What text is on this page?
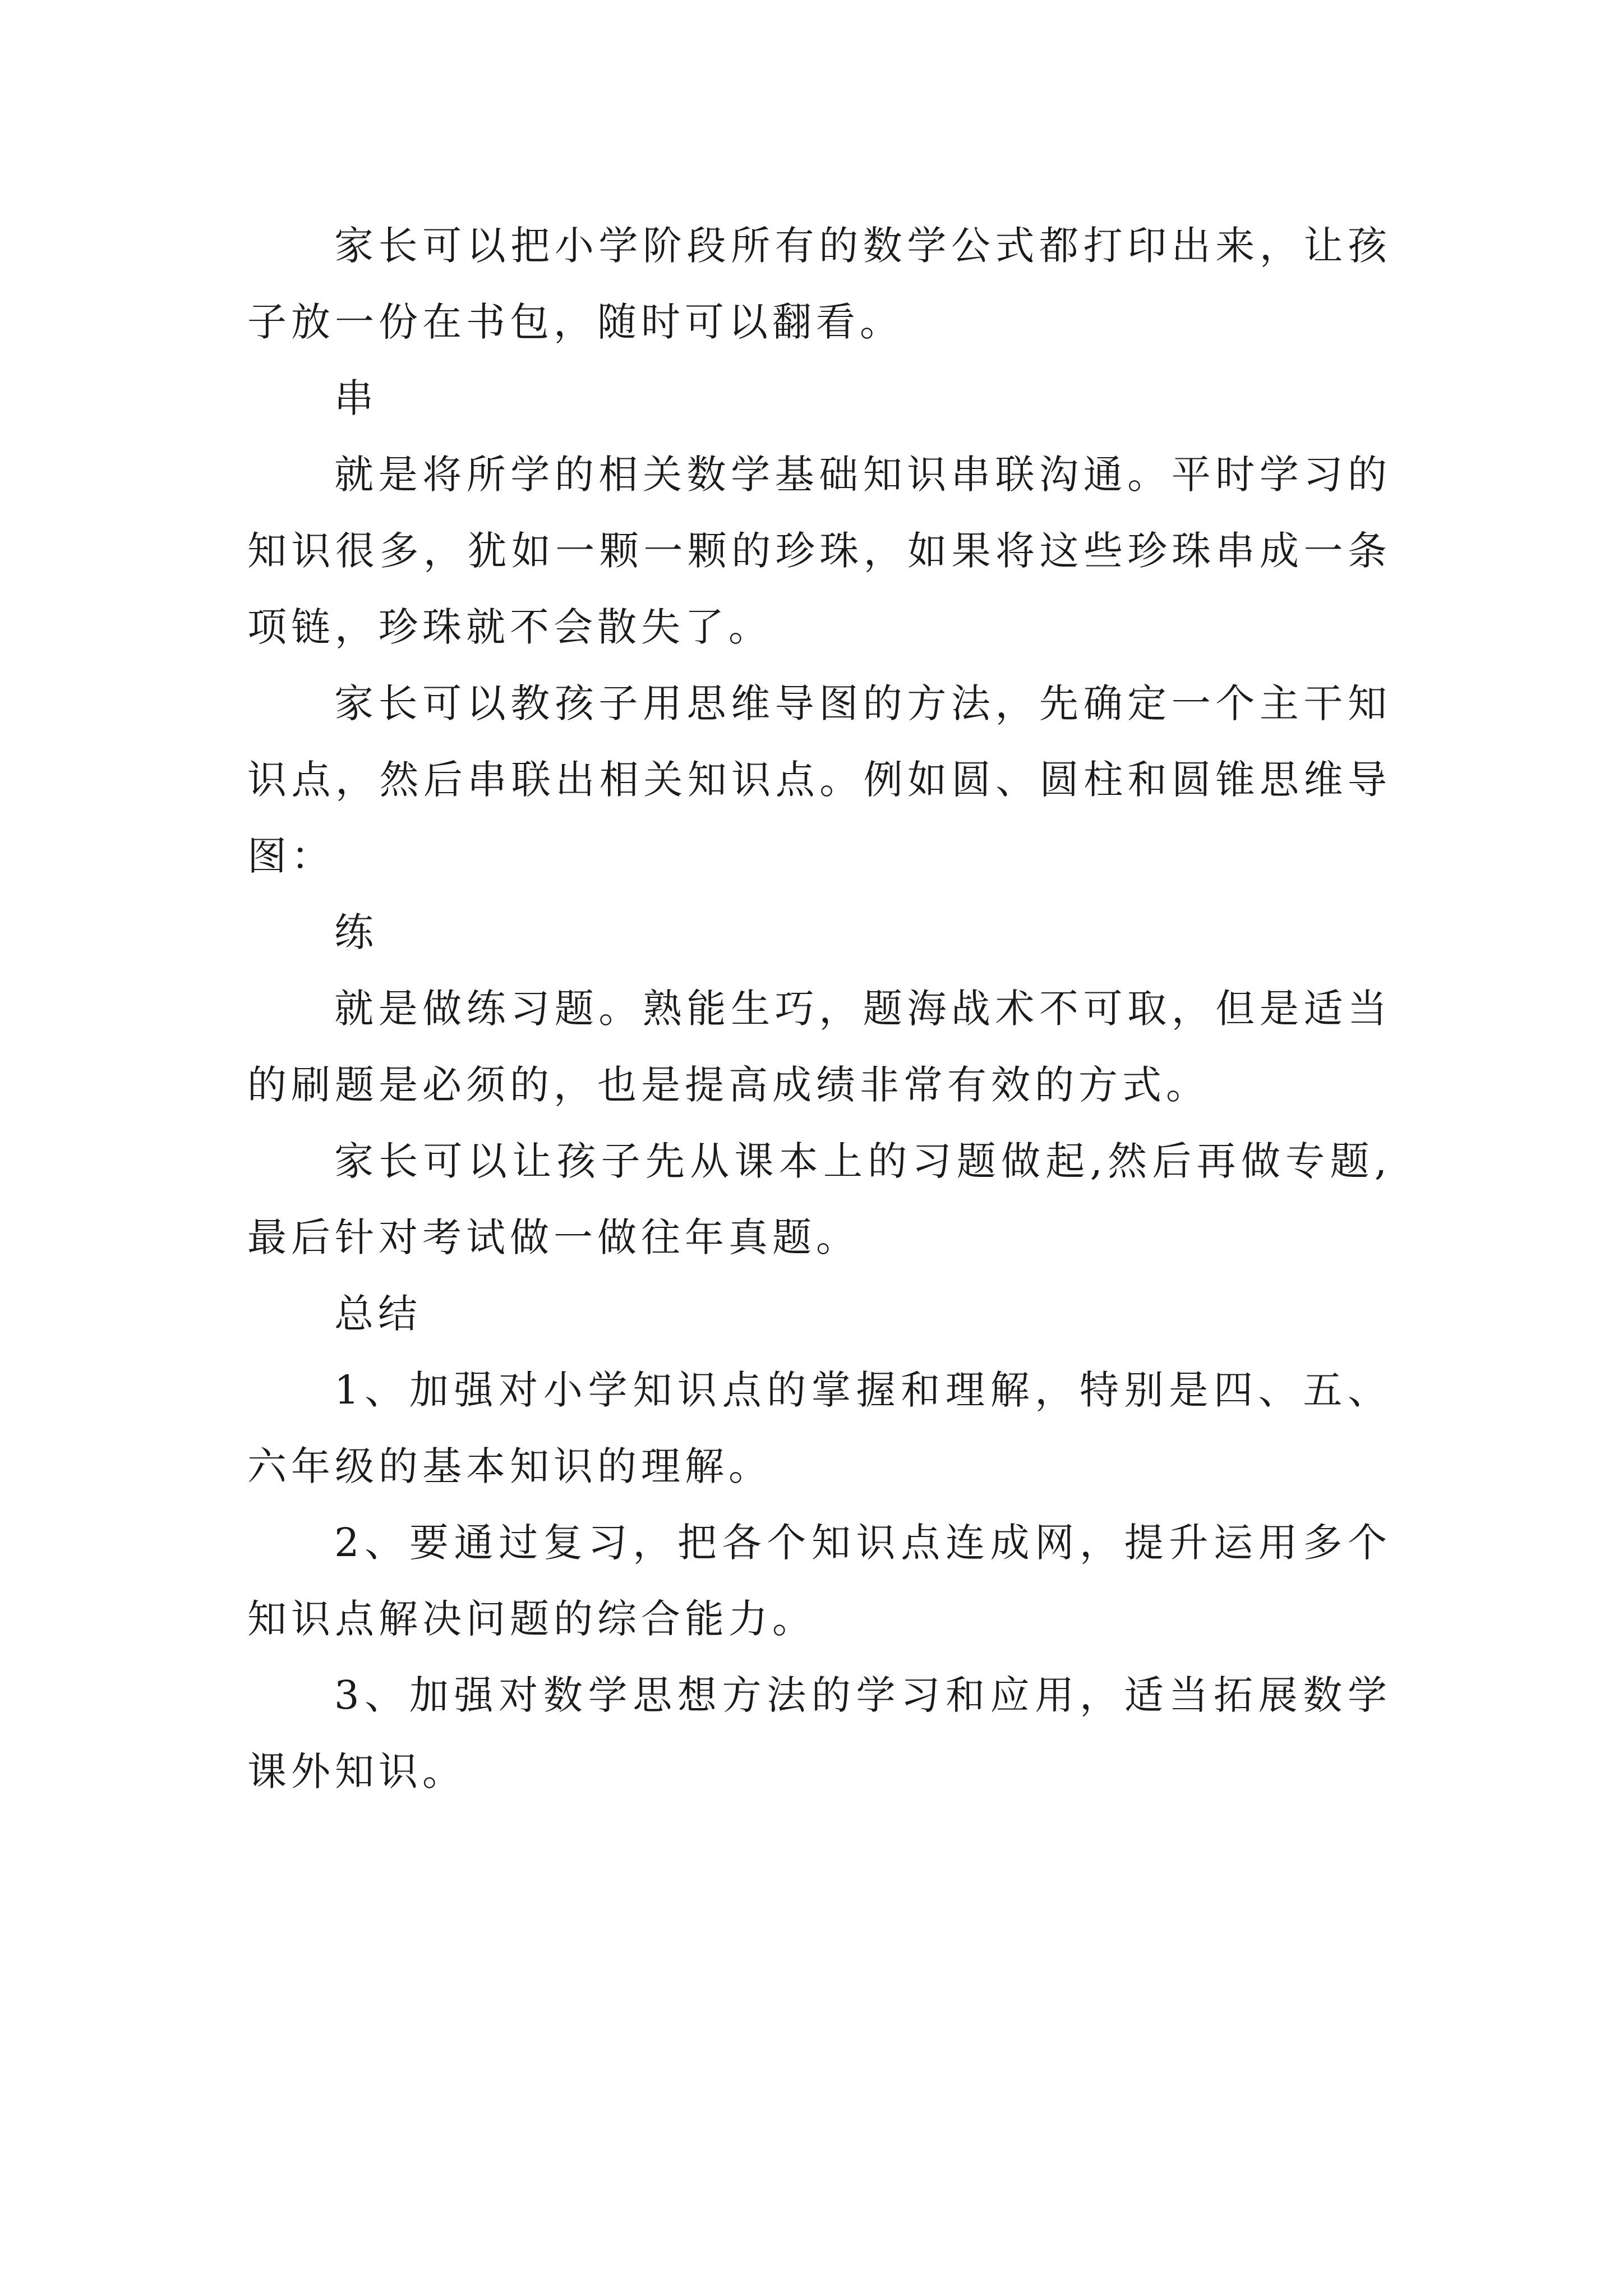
家长可以把小学阶段所有的数学公式都打印出来，让孩子放一份在书包，随时可以翻看。

串

就是将所学的相关数学基础知识串联沟通。平时学习的知识很多，犹如一颗一颗的珍珠，如果将这些珍珠串成一条项链，珍珠就不会散失了。

家长可以教孩子用思维导图的方法，先确定一个主干知识点，然后串联出相关知识点。例如圆、圆柱和圆锥思维导图：

练

就是做练习题。熟能生巧，题海战术不可取，但是适当的刷题是必须的，也是提高成绩非常有效的方式。

家长可以让孩子先从课本上的习题做起,然后再做专题,最后针对考试做一做往年真题。

总结

1、加强对小学知识点的掌握和理解，特别是四、五、六年级的基本知识的理解。

2、要通过复习，把各个知识点连成网，提升运用多个知识点解决问题的综合能力。

3、加强对数学思想方法的学习和应用，适当拓展数学课外知识。
